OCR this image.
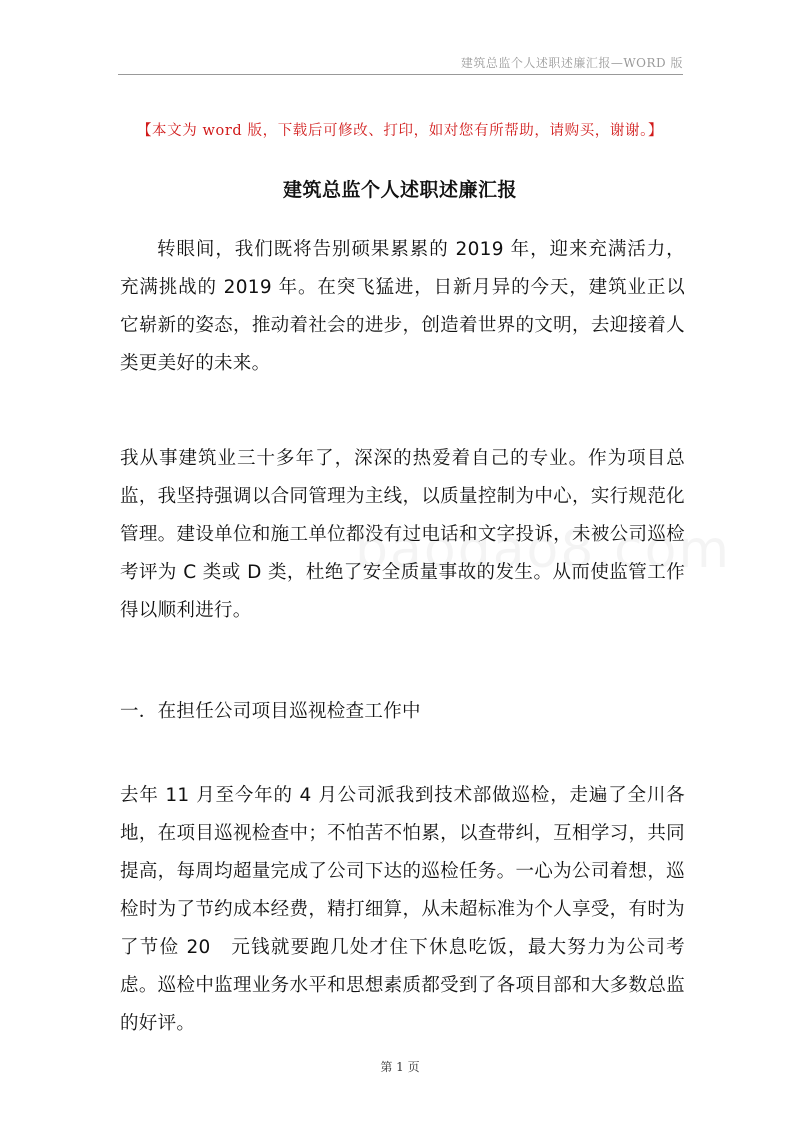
建筑总监个人述职述廉汇报—WORD 版
【本文为 word 版，下载后可修改、打印，如对您有所帮助，请购买，谢谢。】
建筑总监个人述职述廉汇报

转眼间，我们既将告别硕果累累的 2019 年，迎来充满活力，充满挑战的 2019 年。在突飞猛进，日新月异的今天，建筑业正以它崭新的姿态，推动着社会的进步，创造着世界的文明，去迎接着人类更美好的未来。

我从事建筑业三十多年了，深深的热爱着自己的专业。作为项目总监，我坚持强调以合同管理为主线，以质量控制为中心，实行规范化管理。建设单位和施工单位都没有过电话和文字投诉，未被公司巡检考评为 C 类或 D 类，杜绝了安全质量事故的发生。从而使监管工作得以顺利进行。

一．在担任公司项目巡视检查工作中

去年 11 月至今年的 4 月公司派我到技术部做巡检，走遍了全川各地，在项目巡视检查中；不怕苦不怕累，以查带纠，互相学习，共同提高，每周均超量完成了公司下达的巡检任务。一心为公司着想，巡检时为了节约成本经费，精打细算，从未超标准为个人享受，有时为了节俭 20　元钱就要跑几处才住下休息吃饭，最大努力为公司考虑。巡检中监理业务水平和思想素质都受到了各项目部和大多数总监的好评。

第 1 页
